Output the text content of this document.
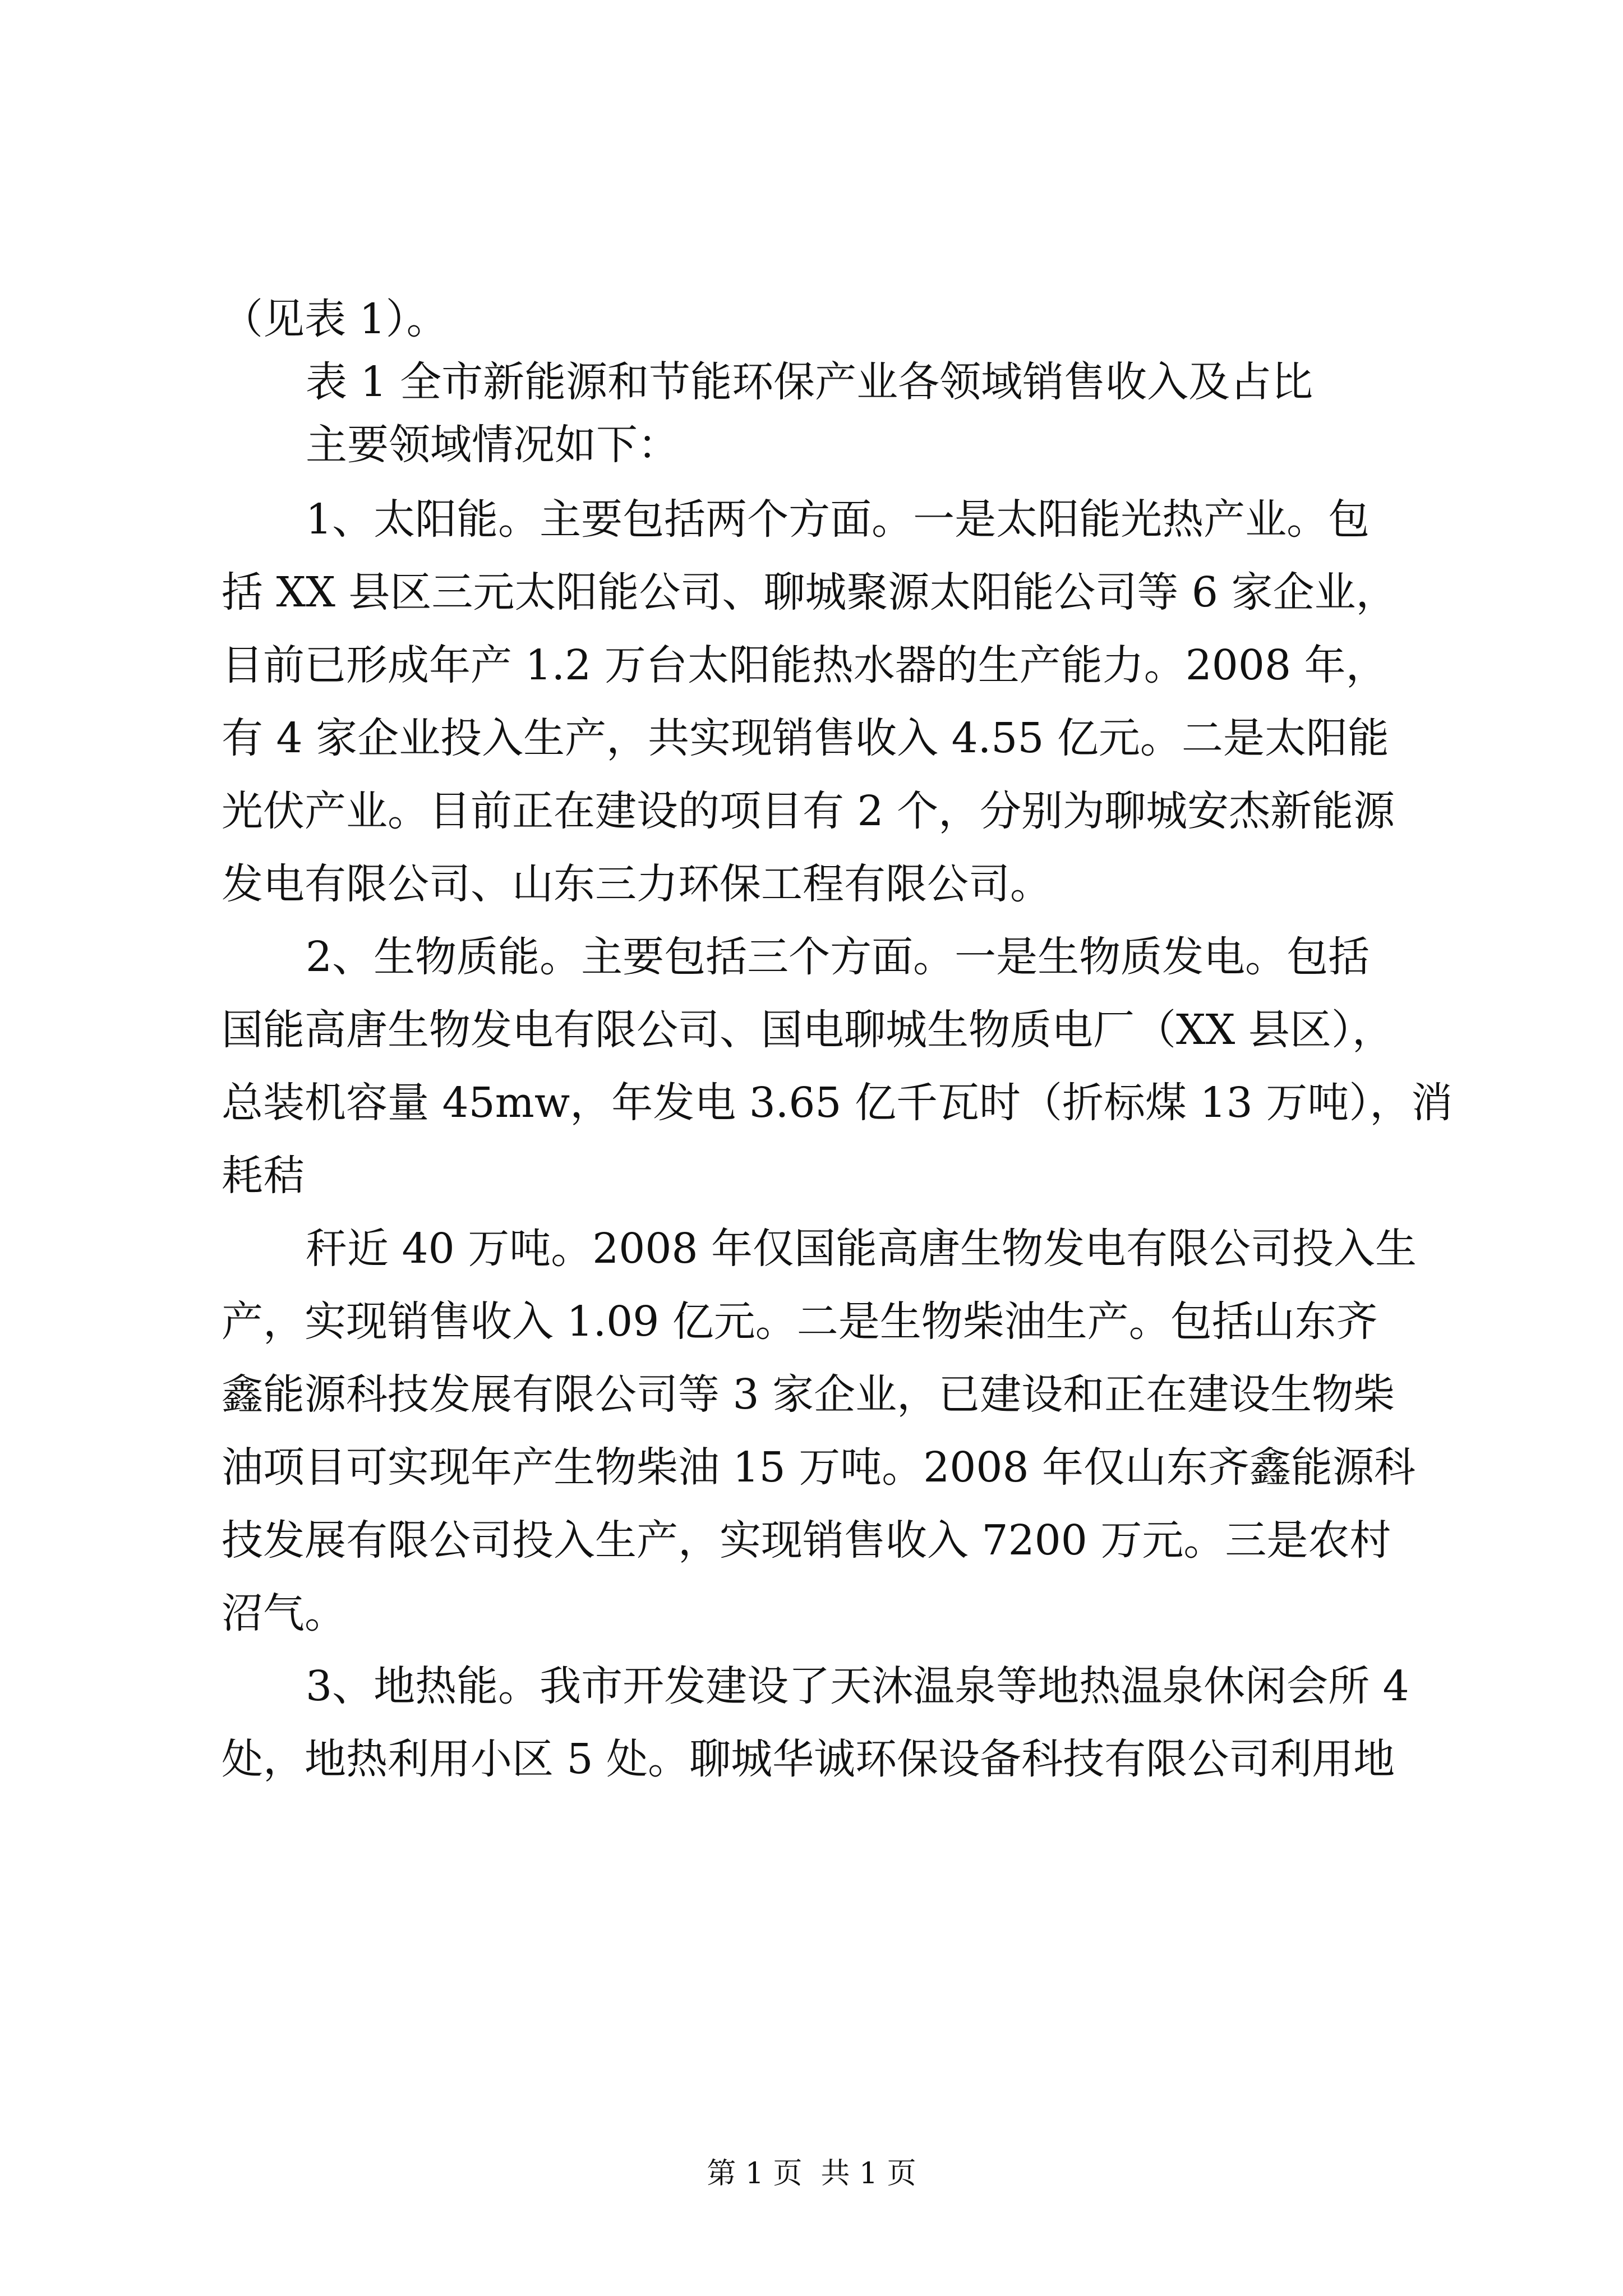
（见表 1）。
表 1 全市新能源和节能环保产业各领域销售收入及占比
主要领域情况如下：
1、太阳能。主要包括两个方面。一是太阳能光热产业。包
括 XX 县区三元太阳能公司、聊城聚源太阳能公司等 6 家企业，
目前已形成年产 1.2 万台太阳能热水器的生产能力。2008 年，
有 4 家企业投入生产，共实现销售收入 4.55 亿元。二是太阳能
光伏产业。目前正在建设的项目有 2 个，分别为聊城安杰新能源
发电有限公司、山东三力环保工程有限公司。
2、生物质能。主要包括三个方面。一是生物质发电。包括
国能高唐生物发电有限公司、国电聊城生物质电厂（XX 县区），
总装机容量 45mw，年发电 3.65 亿千瓦时（折标煤 13 万吨），消
耗秸
秆近 40 万吨。2008 年仅国能高唐生物发电有限公司投入生
产，实现销售收入 1.09 亿元。二是生物柴油生产。包括山东齐
鑫能源科技发展有限公司等 3 家企业，已建设和正在建设生物柴
油项目可实现年产生物柴油 15 万吨。2008 年仅山东齐鑫能源科
技发展有限公司投入生产，实现销售收入 7200 万元。三是农村
沼气。
3、地热能。我市开发建设了天沐温泉等地热温泉休闲会所 4
处，地热利用小区 5 处。聊城华诚环保设备科技有限公司利用地
第 1 页  共 1 页
